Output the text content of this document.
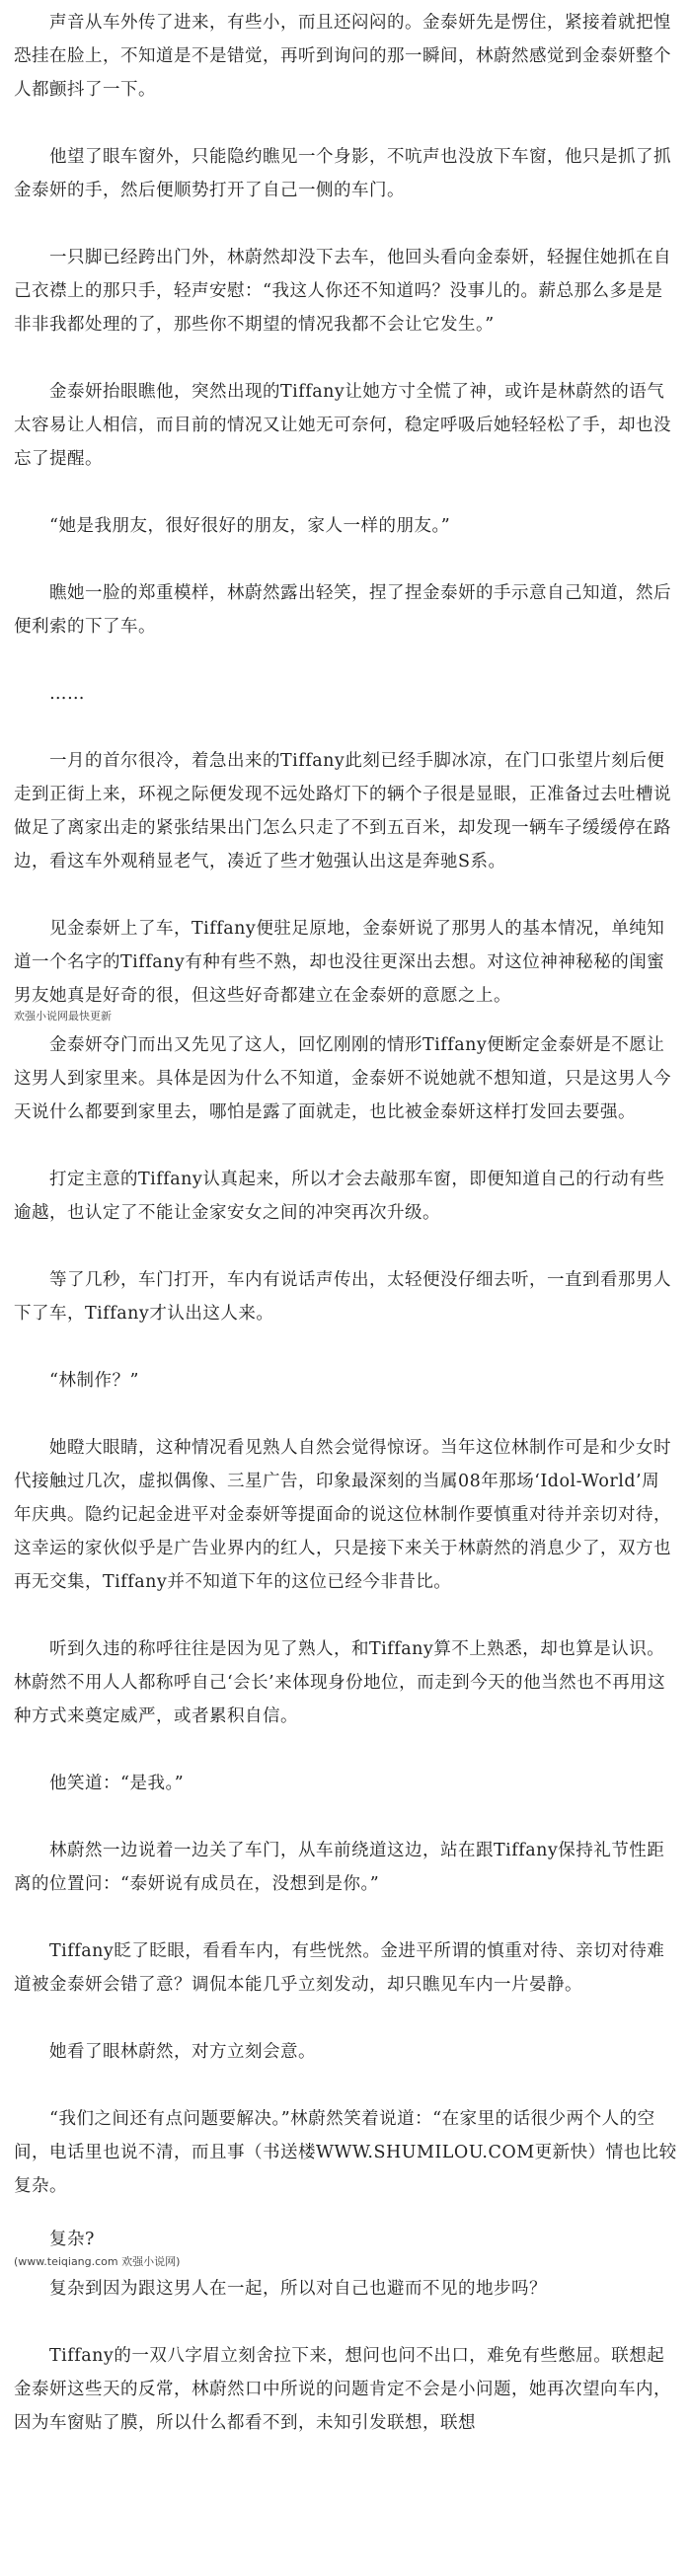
声音从车外传了进来，有些小，而且还闷闷的。金泰妍先是愣住，紧接着就把惶恐挂在脸上，不知道是不是错觉，再听到询问的那一瞬间，林蔚然感觉到金泰妍整个人都颤抖了一下。

他望了眼车窗外，只能隐约瞧见一个身影，不吭声也没放下车窗，他只是抓了抓金泰妍的手，然后便顺势打开了自己一侧的车门。

一只脚已经跨出门外，林蔚然却没下去车，他回头看向金泰妍，轻握住她抓在自己衣襟上的那只手，轻声安慰：“我这人你还不知道吗？没事儿的。薪总那么多是是非非我都处理的了，那些你不期望的情况我都不会让它发生。”

金泰妍抬眼瞧他，突然出现的Tiffany让她方寸全慌了神，或许是林蔚然的语气太容易让人相信，而目前的情况又让她无可奈何，稳定呼吸后她轻轻松了手，却也没忘了提醒。

“她是我朋友，很好很好的朋友，家人一样的朋友。”

瞧她一脸的郑重模样，林蔚然露出轻笑，捏了捏金泰妍的手示意自己知道，然后便利索的下了车。

……

一月的首尔很冷，着急出来的Tiffany此刻已经手脚冰凉，在门口张望片刻后便走到正街上来，环视之际便发现不远处路灯下的辆个子很是显眼，正准备过去吐槽说做足了离家出走的紧张结果出门怎么只走了不到五百米，却发现一辆车子缓缓停在路边，看这车外观稍显老气，凑近了些才勉强认出这是奔驰S系。

见金泰妍上了车，Tiffany便驻足原地，金泰妍说了那男人的基本情况，单纯知道一个名字的Tiffany有种有些不熟，却也没往更深出去想。对这位神神秘秘的闺蜜男友她真是好奇的很，但这些好奇都建立在金泰妍的意愿之上。

欢强小说网最快更新

金泰妍夺门而出又先见了这人，回忆刚刚的情形Tiffany便断定金泰妍是不愿让这男人到家里来。具体是因为什么不知道，金泰妍不说她就不想知道，只是这男人今天说什么都要到家里去，哪怕是露了面就走，也比被金泰妍这样打发回去要强。

打定主意的Tiffany认真起来，所以才会去敲那车窗，即便知道自己的行动有些逾越，也认定了不能让金家安女之间的冲突再次升级。

等了几秒，车门打开，车内有说话声传出，太轻便没仔细去听，一直到看那男人下了车，Tiffany才认出这人来。

“林制作？”

她瞪大眼睛，这种情况看见熟人自然会觉得惊讶。当年这位林制作可是和少女时代接触过几次，虚拟偶像、三星广告，印象最深刻的当属08年那场‘Idol-World’周年庆典。隐约记起金进平对金泰妍等提面命的说这位林制作要慎重对待并亲切对待，这幸运的家伙似乎是广告业界内的红人，只是接下来关于林蔚然的消息少了，双方也再无交集，Tiffany并不知道下年的这位已经今非昔比。

听到久违的称呼往往是因为见了熟人，和Tiffany算不上熟悉，却也算是认识。林蔚然不用人人都称呼自己‘会长’来体现身份地位，而走到今天的他当然也不再用这种方式来奠定威严，或者累积自信。

他笑道：“是我。”

林蔚然一边说着一边关了车门，从车前绕道这边，站在跟Tiffany保持礼节性距离的位置问：“泰妍说有成员在，没想到是你。”

Tiffany眨了眨眼，看看车内，有些恍然。金进平所谓的慎重对待、亲切对待难道被金泰妍会错了意？调侃本能几乎立刻发动，却只瞧见车内一片晏静。

她看了眼林蔚然，对方立刻会意。

“我们之间还有点问题要解决。”林蔚然笑着说道：“在家里的话很少两个人的空间，电话里也说不清，而且事（书送楼WWW.SHUMILOU.COM更新快）情也比较复杂。

复杂?

(www.teiqiang.com 欢强小说网)

复杂到因为跟这男人在一起，所以对自己也避而不见的地步吗？

Tiffany的一双八字眉立刻舍拉下来，想问也问不出口，难免有些憋屈。联想起金泰妍这些天的反常，林蔚然口中所说的问题肯定不会是小问题，她再次望向车内，因为车窗贴了膜，所以什么都看不到，未知引发联想，联想
